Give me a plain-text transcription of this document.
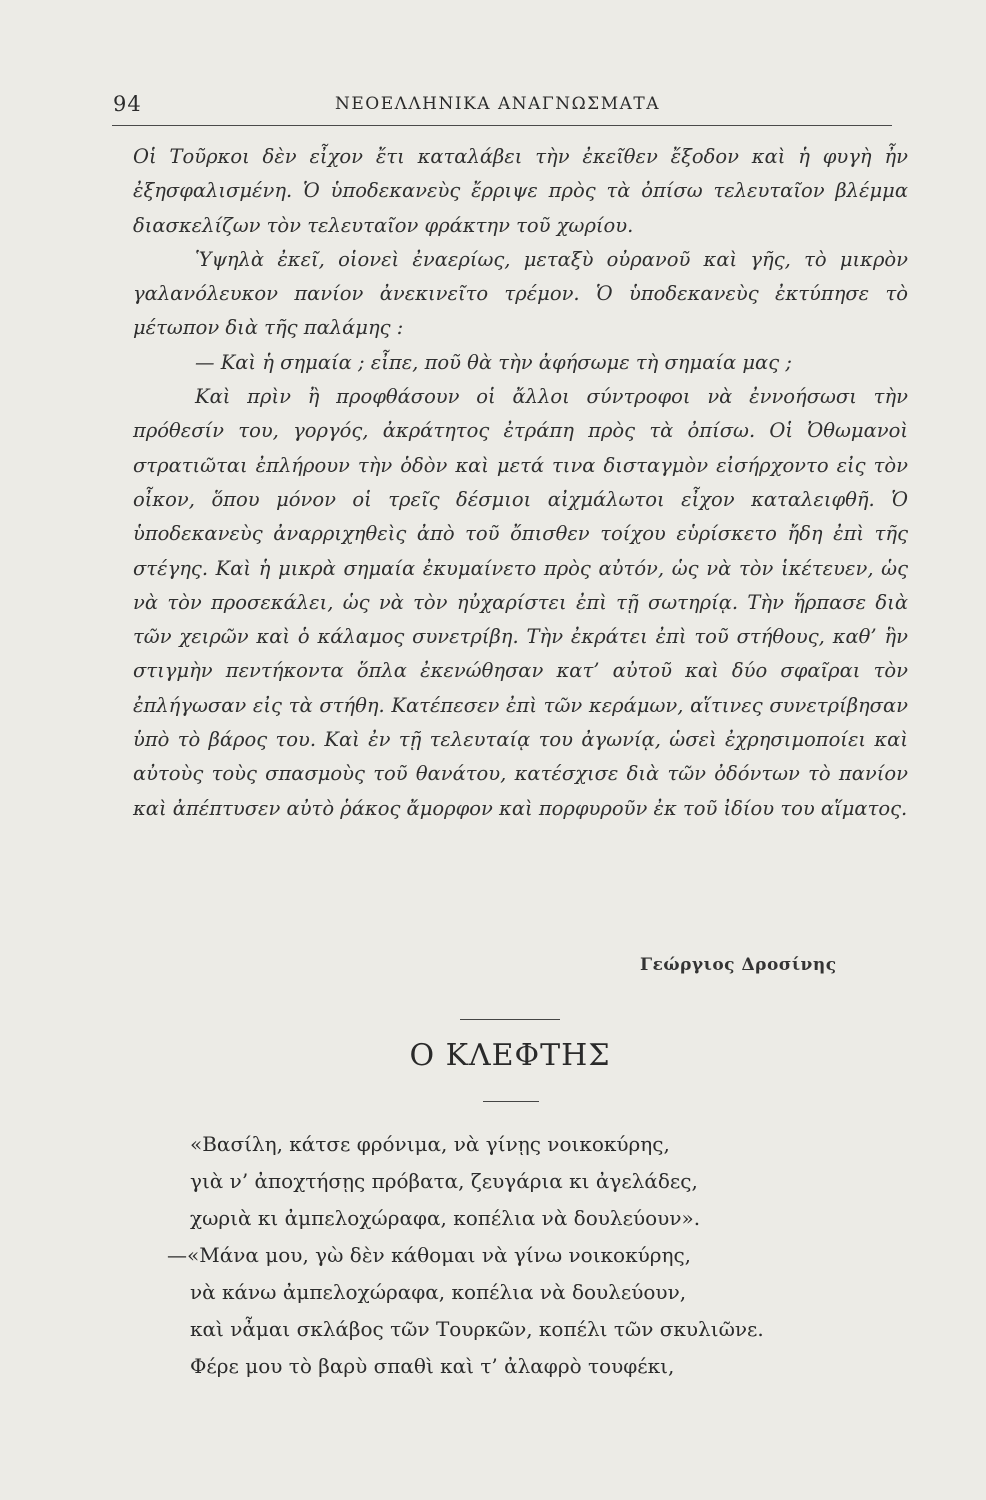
94	ΝΕΟΕΛΛΗΝΙΚΑ ΑΝΑΓΝΩΣΜΑΤΑ

Οἱ Τοῦρκοι δὲν εἶχον ἔτι καταλάβει τὴν ἐκεῖθεν ἔξοδον καὶ ἡ φυγὴ ἦν ἐξησφαλισμένη. Ὁ ὑποδεκανεὺς ἔρριψε πρὸς τὰ ὀπίσω τελευταῖον βλέμμα διασκελίζων τὸν τελευταῖον φράκτην τοῦ χωρίου.

Ὑψηλὰ ἐκεῖ, οἱονεὶ ἐναερίως, μεταξὺ οὐρανοῦ καὶ γῆς, τὸ μικρὸν γαλανόλευκον πανίον ἀνεκινεῖτο τρέμον. Ὁ ὑποδεκανεὺς ἐκτύπησε τὸ μέτωπον διὰ τῆς παλάμης :

— Καὶ ἡ σημαία ; εἶπε, ποῦ θὰ τὴν ἀφήσωμε τὴ σημαία μας ;

Καὶ πρὶν ἢ προφθάσουν οἱ ἄλλοι σύντροφοι νὰ ἐννοήσωσι τὴν πρόθεσίν του, γοργός, ἀκράτητος ἐτράπη πρὸς τὰ ὀπίσω. Οἱ Ὀθωμανοὶ στρατιῶται ἐπλήρουν τὴν ὁδὸν καὶ μετά τινα δισταγμὸν εἰσήρχοντο εἰς τὸν οἶκον, ὅπου μόνον οἱ τρεῖς δέσμιοι αἰχμάλωτοι εἶχον καταλειφθῆ. Ὁ ὑποδεκανεὺς ἀναρριχηθεὶς ἀπὸ τοῦ ὄπισθεν τοίχου εὑρίσκετο ἤδη ἐπὶ τῆς στέγης. Καὶ ἡ μικρὰ σημαία ἐκυμαίνετο πρὸς αὐτόν, ὡς νὰ τὸν ἱκέτευεν, ὡς νὰ τὸν προσεκάλει, ὡς νὰ τὸν ηὐχαρίστει ἐπὶ τῇ σωτηρίᾳ. Τὴν ἥρπασε διὰ τῶν χειρῶν καὶ ὁ κάλαμος συνετρίβη. Τὴν ἐκράτει ἐπὶ τοῦ στήθους, καθ’ ἣν στιγμὴν πεντήκοντα ὅπλα ἐκενώθησαν κατ’ αὐτοῦ καὶ δύο σφαῖραι τὸν ἐπλήγωσαν εἰς τὰ στήθη. Κατέπεσεν ἐπὶ τῶν κεράμων, αἵτινες συνετρίβησαν ὑπὸ τὸ βάρος του. Καὶ ἐν τῇ τελευταίᾳ του ἀγωνίᾳ, ὡσεὶ ἐχρησιμοποίει καὶ αὐτοὺς τοὺς σπασμοὺς τοῦ θανάτου, κατέσχισε διὰ τῶν ὀδόντων τὸ πανίον καὶ ἀπέπτυσεν αὐτὸ ῥάκος ἄμορφον καὶ πορφυροῦν ἐκ τοῦ ἰδίου του αἵματος.

Γεώργιος Δροσίνης
Ο ΚΛΕΦΤΗΣ
«Βασίλη, κάτσε φρόνιμα, νὰ γίνῃς νοικοκύρης,
γιὰ ν’ ἀποχτήσῃς πρόβατα, ζευγάρια κι ἀγελάδες,
χωριὰ κι ἀμπελοχώραφα, κοπέλια νὰ δουλεύουν».
—«Μάνα μου, γὼ δὲν κάθομαι νὰ γίνω νοικοκύρης,
νὰ κάνω ἀμπελοχώραφα, κοπέλια νὰ δουλεύουν,
καὶ νἆμαι σκλάβος τῶν Τουρκῶν, κοπέλι τῶν σκυλιῶνε.
Φέρε μου τὸ βαρὺ σπαθὶ καὶ τ’ ἀλαφρὸ τουφέκι,
